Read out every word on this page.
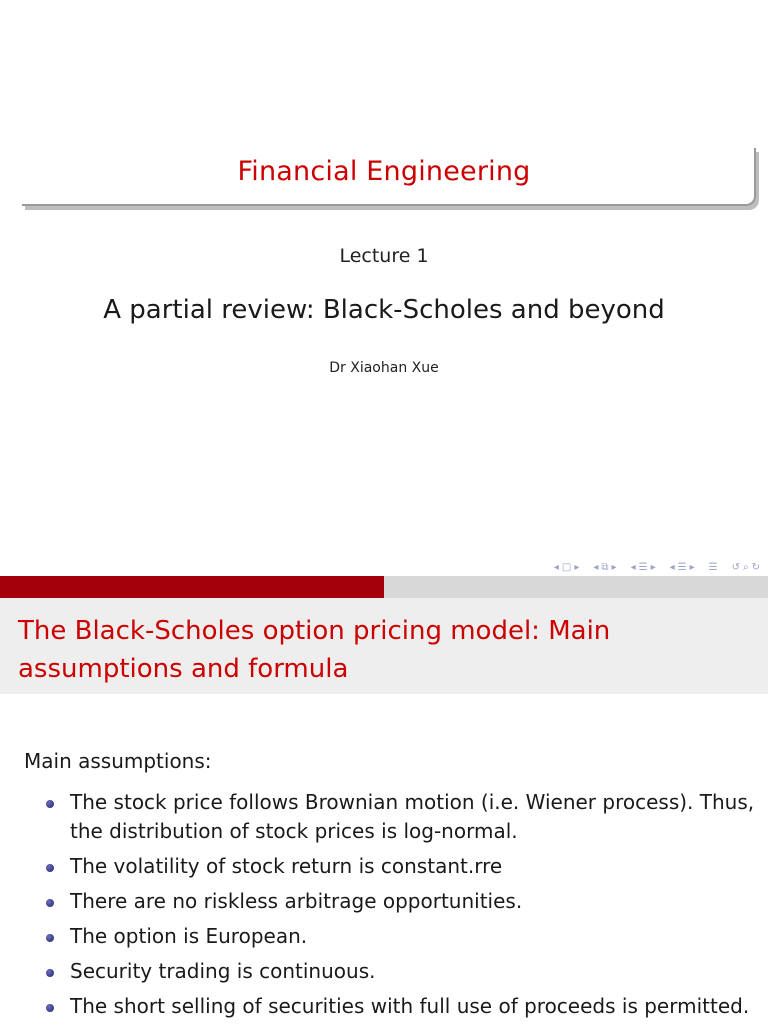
Financial Engineering
Lecture 1
A partial review: Black-Scholes and beyond
Dr Xiaohan Xue
◂ □ ▸ ◂ ⧉ ▸ ◂ ☰ ▸ ◂ ☰ ▸ ☰ ↺ ⌕ ↻
The Black-Scholes option pricing model: Main assumptions and formula
Main assumptions:
The stock price follows Brownian motion (i.e. Wiener process). Thus, the distribution of stock prices is log-normal.
The volatility of stock return is constant.rre
There are no riskless arbitrage opportunities.
The option is European.
Security trading is continuous.
The short selling of securities with full use of proceeds is permitted.
